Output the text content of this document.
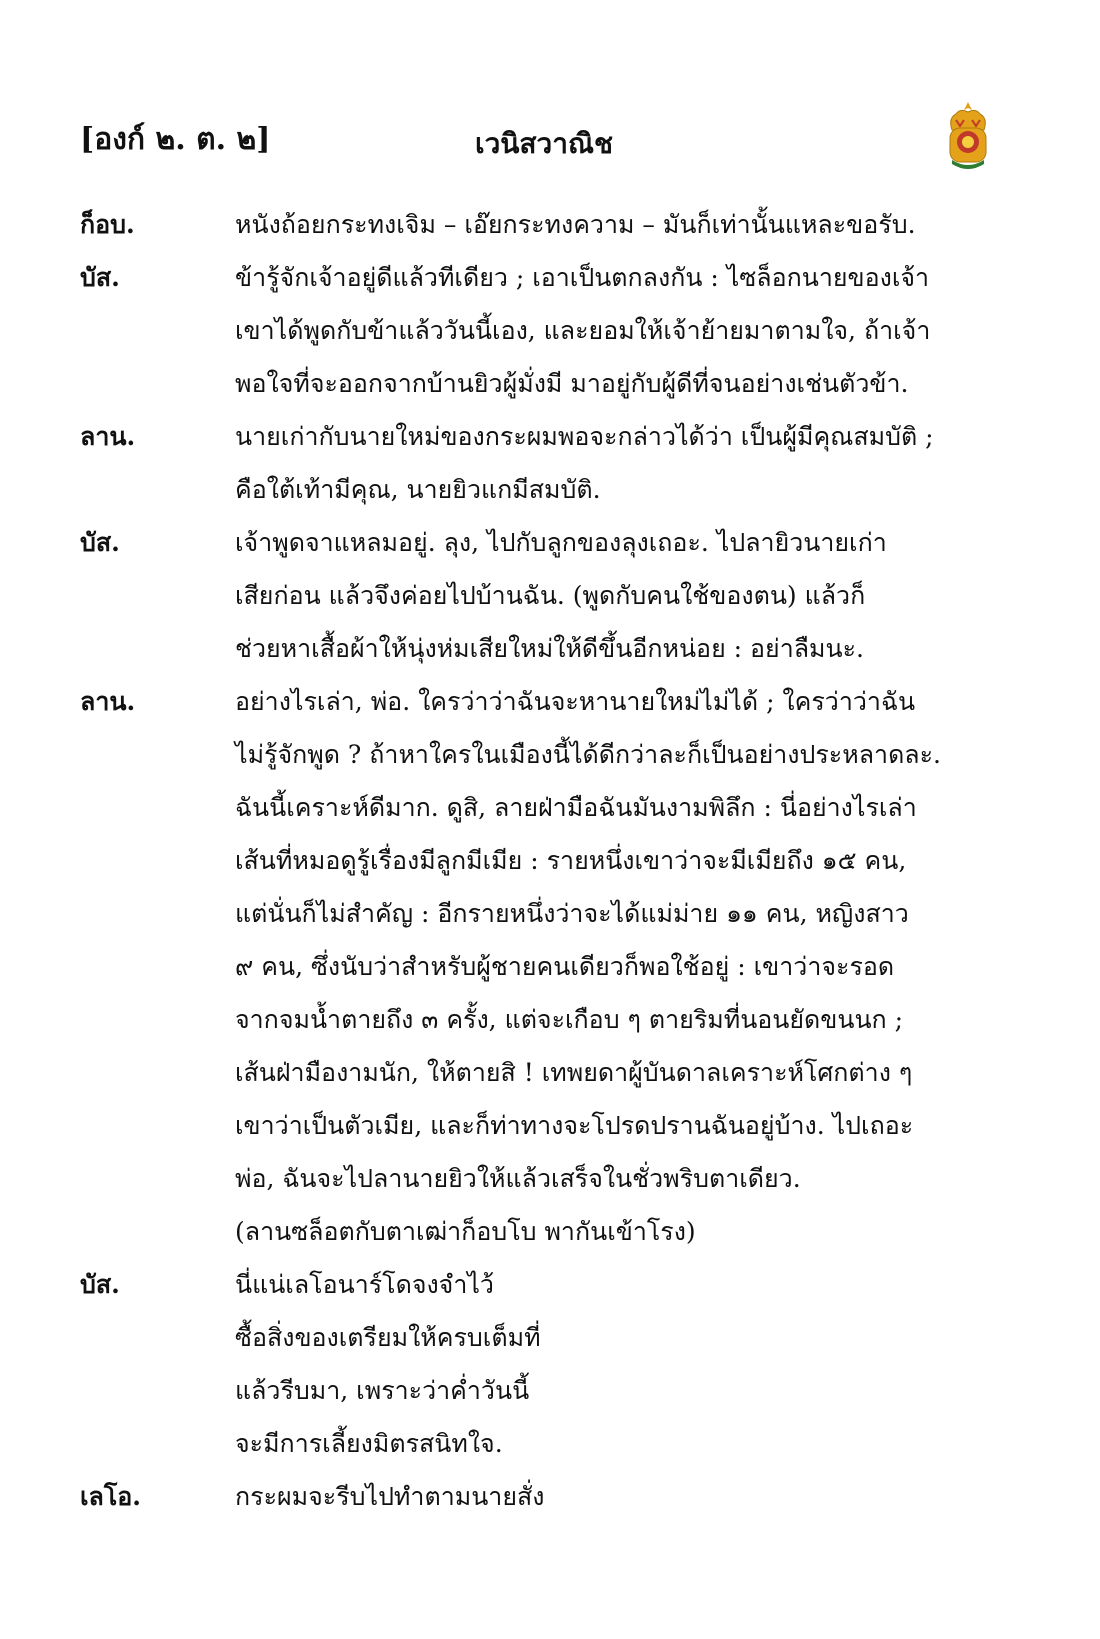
[องก์ ๒. ต. ๒]	เวนิสวาณิช
ก็อบ.	หนังถ้อยกระทงเจิม – เอ๊ยกระทงความ – มันก็เท่านั้นแหละขอรับ.
บัส.	ข้ารู้จักเจ้าอยู่ดีแล้วทีเดียว ; เอาเป็นตกลงกัน : ไซล็อกนายของเจ้า
เขาได้พูดกับข้าแล้ววันนี้เอง, และยอมให้เจ้าย้ายมาตามใจ, ถ้าเจ้า
พอใจที่จะออกจากบ้านยิวผู้มั่งมี มาอยู่กับผู้ดีที่จนอย่างเช่นตัวข้า.
ลาน.	นายเก่ากับนายใหม่ของกระผมพอจะกล่าวได้ว่า เป็นผู้มีคุณสมบัติ ;
คือใต้เท้ามีคุณ, นายยิวแกมีสมบัติ.
บัส.	เจ้าพูดจาแหลมอยู่. ลุง, ไปกับลูกของลุงเถอะ. ไปลายิวนายเก่า
เสียก่อน แล้วจึงค่อยไปบ้านฉัน. (พูดกับคนใช้ของตน) แล้วก็
ช่วยหาเสื้อผ้าให้นุ่งห่มเสียใหม่ให้ดีขึ้นอีกหน่อย : อย่าลืมนะ.
ลาน.	อย่างไรเล่า, พ่อ. ใครว่าว่าฉันจะหานายใหม่ไม่ได้ ; ใครว่าว่าฉัน
ไม่รู้จักพูด ? ถ้าหาใครในเมืองนี้ได้ดีกว่าละก็เป็นอย่างประหลาดละ.
ฉันนี้เคราะห์ดีมาก. ดูสิ, ลายฝ่ามือฉันมันงามพิลึก : นี่อย่างไรเล่า
เส้นที่หมอดูรู้เรื่องมีลูกมีเมีย : รายหนึ่งเขาว่าจะมีเมียถึง ๑๕ คน,
แต่นั่นก็ไม่สำคัญ : อีกรายหนึ่งว่าจะได้แม่ม่าย ๑๑ คน, หญิงสาว
๙ คน, ซึ่งนับว่าสำหรับผู้ชายคนเดียวก็พอใช้อยู่ : เขาว่าจะรอด
จากจมน้ำตายถึง ๓ ครั้ง, แต่จะเกือบ ๆ ตายริมที่นอนยัดขนนก ;
เส้นฝ่ามืองามนัก, ให้ตายสิ ! เทพยดาผู้บันดาลเคราะห์โศกต่าง ๆ
เขาว่าเป็นตัวเมีย, และก็ท่าทางจะโปรดปรานฉันอยู่บ้าง. ไปเถอะ
พ่อ, ฉันจะไปลานายยิวให้แล้วเสร็จในชั่วพริบตาเดียว.
(ลานซล็อตกับตาเฒ่าก็อบโบ พากันเข้าโรง)
บัส.	นี่แน่เลโอนาร์โดจงจำไว้
ซื้อสิ่งของเตรียมให้ครบเต็มที่
แล้วรีบมา, เพราะว่าค่ำวันนี้
จะมีการเลี้ยงมิตรสนิทใจ.
เลโอ.	กระผมจะรีบไปทำตามนายสั่ง
